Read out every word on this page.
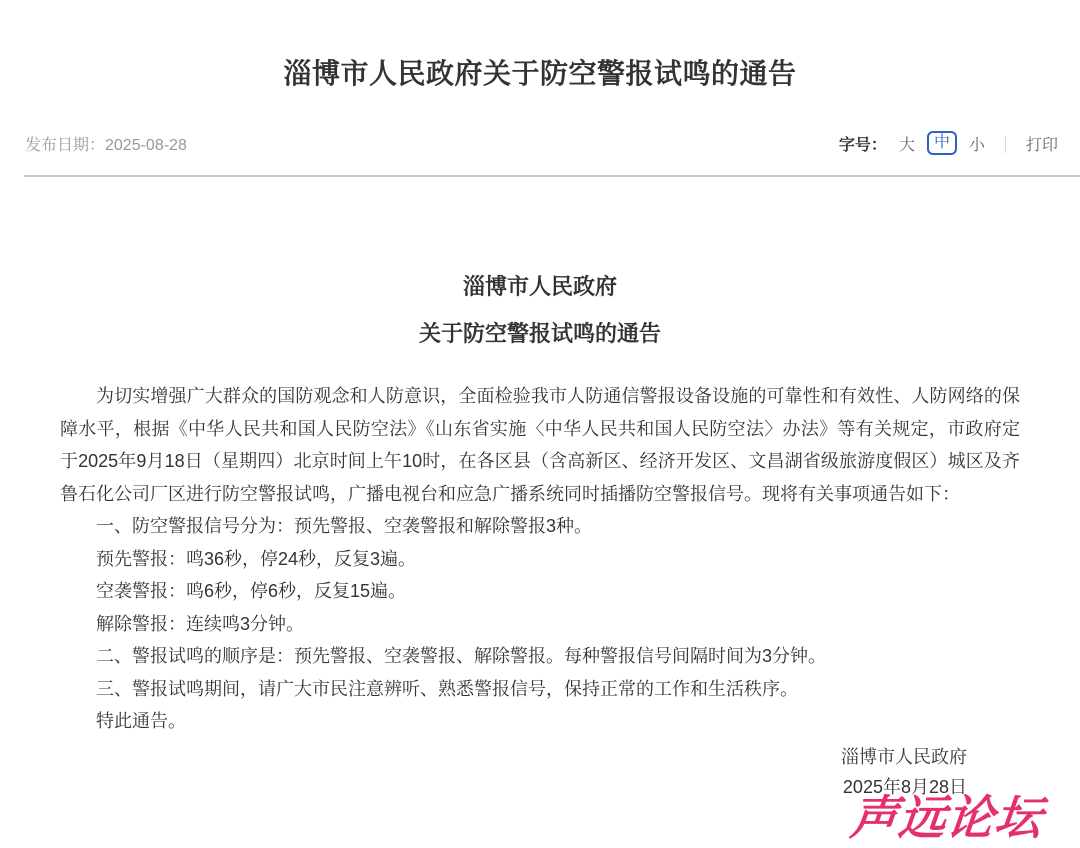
淄博市人民政府关于防空警报试鸣的通告
发布日期：2025-08-28	字号： 大	中	小 ｜ 打印
淄博市人民政府
关于防空警报试鸣的通告

为切实增强广大群众的国防观念和人防意识，全面检验我市人防通信警报设备设施的可靠性和有效性、人防网络的保障水平，根据《中华人民共和国人民防空法》《山东省实施〈中华人民共和国人民防空法〉办法》等有关规定，市政府定于2025年9月18日（星期四）北京时间上午10时，在各区县（含高新区、经济开发区、文昌湖省级旅游度假区）城区及齐鲁石化公司厂区进行防空警报试鸣，广播电视台和应急广播系统同时插播防空警报信号。现将有关事项通告如下：

一、防空警报信号分为：预先警报、空袭警报和解除警报3种。

预先警报：鸣36秒，停24秒，反复3遍。

空袭警报：鸣6秒，停6秒，反复15遍。

解除警报：连续鸣3分钟。

二、警报试鸣的顺序是：预先警报、空袭警报、解除警报。每种警报信号间隔时间为3分钟。

三、警报试鸣期间，请广大市民注意辨听、熟悉警报信号，保持正常的工作和生活秩序。

特此通告。

淄博市人民政府
2025年8月28日
声远论坛
